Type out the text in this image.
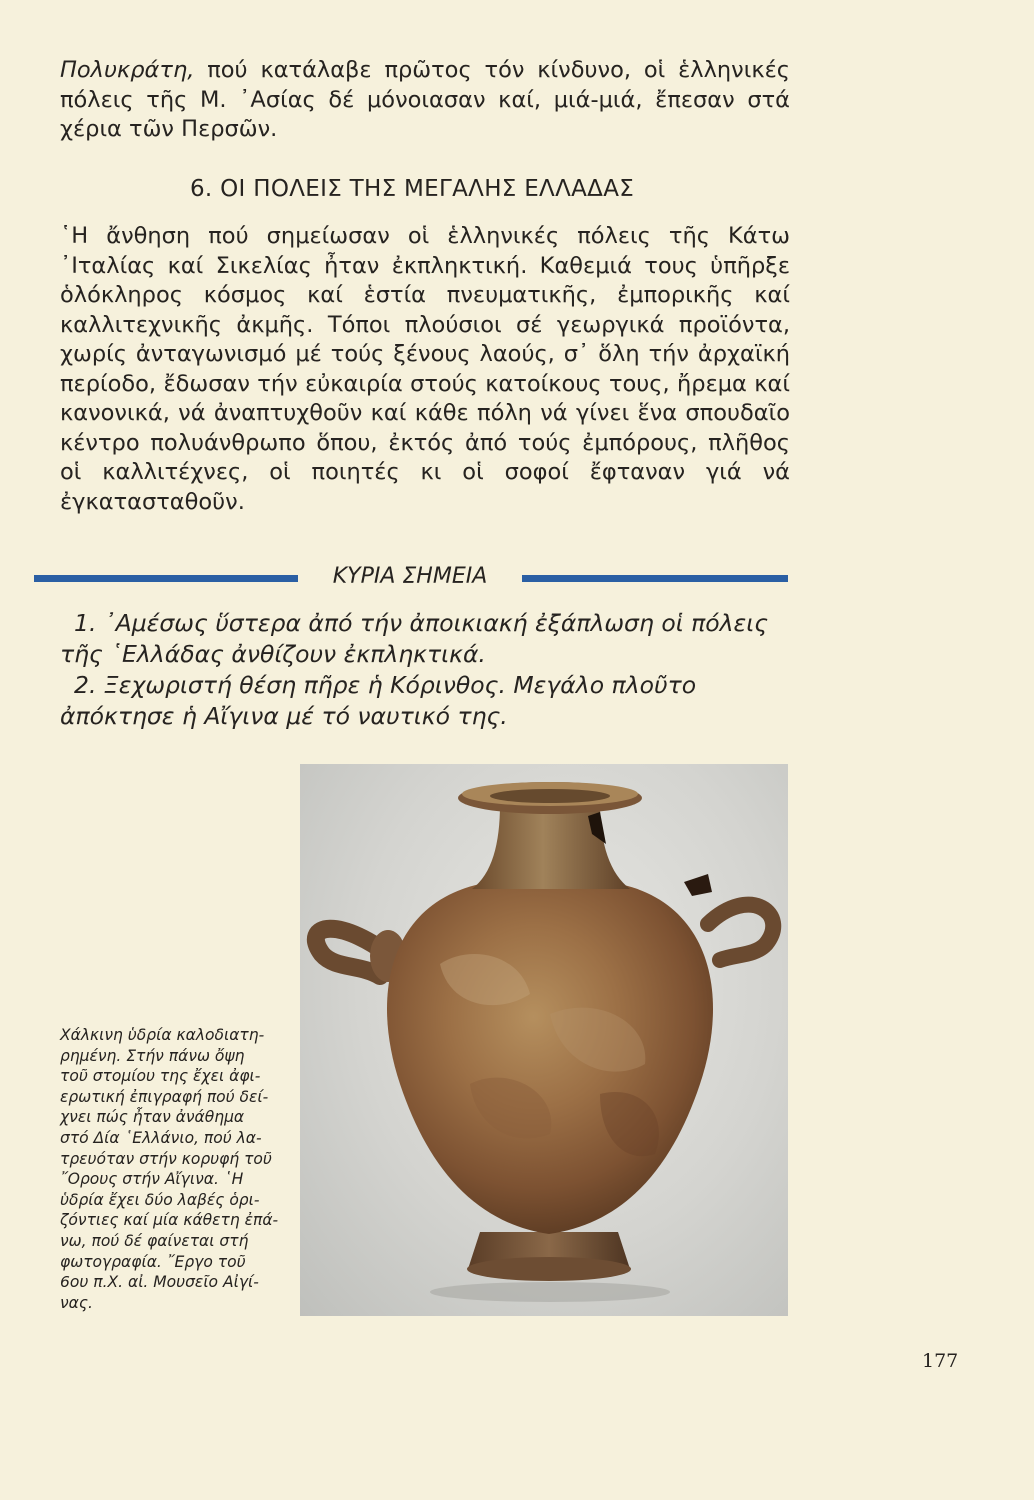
Πολυκράτη, πού κατάλαβε πρῶτος τόν κίνδυνο, οἱ ἑλληνικές πόλεις τῆς Μ. ᾿Ασίας δέ μόνοιασαν καί, μιά-μιά, ἔπεσαν στά χέρια τῶν Περσῶν.
6. ΟΙ ΠΟΛΕΙΣ ΤΗΣ ΜΕΓΑΛΗΣ ΕΛΛΑΔΑΣ
῾Η ἄνθηση πού σημείωσαν οἱ ἑλληνικές πόλεις τῆς Κάτω ᾿Ιταλίας καί Σικελίας ἦταν ἐκπληκτική. Καθεμιά τους ὑπῆρξε ὁλόκληρος κόσμος καί ἑστία πνευματικῆς, ἐμπορικῆς καί καλλιτεχνικῆς ἀκμῆς. Τόποι πλούσιοι σέ γεωργικά προϊόντα, χωρίς ἀνταγωνισμό μέ τούς ξένους λαούς, σ᾿ ὅλη τήν ἀρχαϊκή περίοδο, ἔδωσαν τήν εὐκαιρία στούς κατοίκους τους, ἤρεμα καί κανονικά, νά ἀναπτυχθοῦν καί κάθε πόλη νά γίνει ἕνα σπουδαῖο κέντρο πολυάνθρωπο ὅπου, ἐκτός ἀπό τούς ἐμπόρους, πλῆθος οἱ καλλιτέχνες, οἱ ποιητές κι οἱ σοφοί ἔφταναν γιά νά ἐγκατασταθοῦν.
ΚΥΡΙΑ ΣΗΜΕΙΑ
1. ᾿Αμέσως ὕστερα ἀπό τήν ἀποικιακή ἐξάπλωση οἱ πόλεις τῆς ῾Ελλάδας ἀνθίζουν ἐκπληκτικά.
2. Ξεχωριστή θέση πῆρε ἡ Κόρινθος. Μεγάλο πλοῦτο ἀπόκτησε ἡ Αἴγινα μέ τό ναυτικό της.
Χάλκινη ὑδρία καλοδιατη-
ρημένη. Στήν πάνω ὄψη
τοῦ στομίου της ἔχει ἀφι-
ερωτική ἐπιγραφή πού δεί-
χνει πώς ἦταν ἀνάθημα
στό Δία ῾Ελλάνιο, πού λα-
τρευόταν στήν κορυφή τοῦ
῎Ορους στήν Αἴγινα. ῾Η
ὑδρία ἔχει δύο λαβές ὁρι-
ζόντιες καί μία κάθετη ἐπά-
νω, πού δέ φαίνεται στή
φωτογραφία. ῎Εργο τοῦ
6ου π.Χ. αἰ. Μουσεῖο Αἰγί-
νας.
177
